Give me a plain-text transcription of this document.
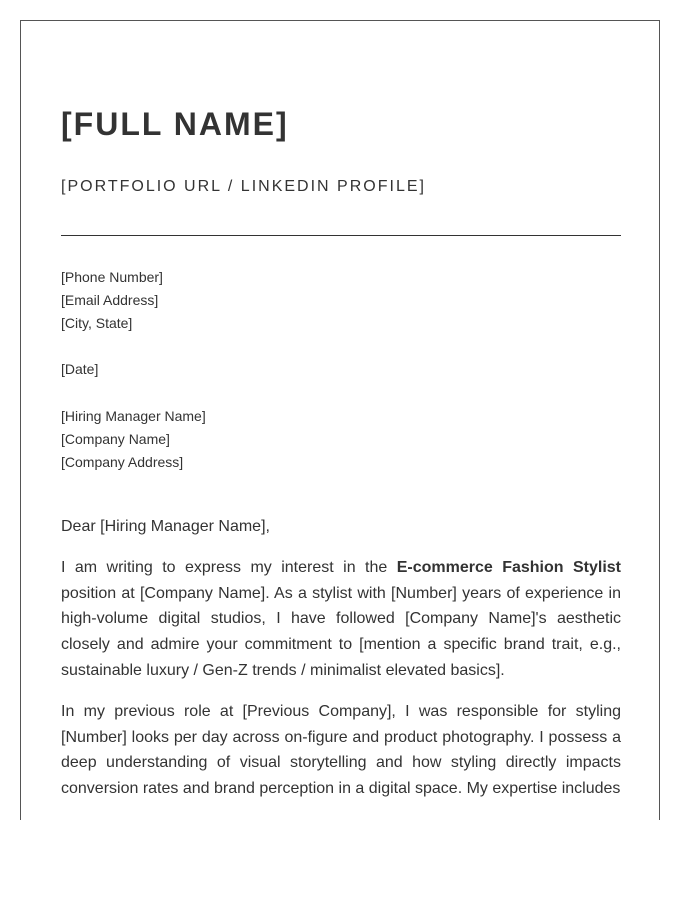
[FULL NAME]
[PORTFOLIO URL / LINKEDIN PROFILE]
[Phone Number]
[Email Address]
[City, State]
[Date]
[Hiring Manager Name]
[Company Name]
[Company Address]
Dear [Hiring Manager Name],

I am writing to express my interest in the E-commerce Fashion Stylist position at [Company Name]. As a stylist with [Number] years of experience in high-volume digital studios, I have followed [Company Name]'s aesthetic closely and admire your commitment to [mention a specific brand trait, e.g., sustainable luxury / Gen-Z trends / minimalist elevated basics].

In my previous role at [Previous Company], I was responsible for styling [Number] looks per day across on-figure and product photography. I possess a deep understanding of visual storytelling and how styling directly impacts conversion rates and brand perception in a digital space. My expertise includes
